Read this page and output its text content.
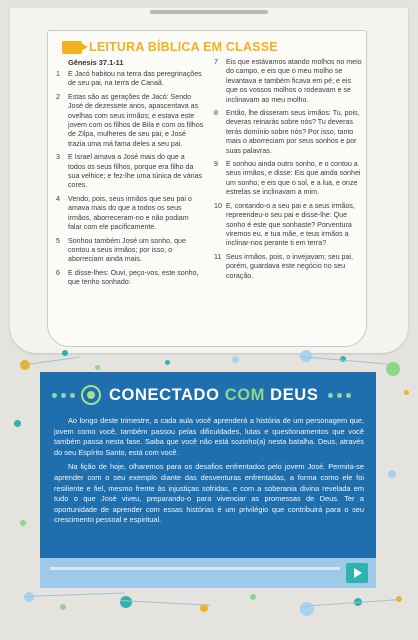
LEITURA BÍBLICA EM CLASSE
Gênesis 37.1-11
1	E Jacó habitou na terra das peregrinações de seu pai, na terra de Canaã.
2	Estas são as gerações de Jacó: Sendo José de dezessete anos, apascentava as ovelhas com seus irmãos; e estava este jovem com os filhos de Bila e com os filhos de Zilpa, mulheres de seu pai; e José trazia uma má fama deles a seu pai.
3	E Israel amava a José mais do que a todos os seus filhos, porque era filho da sua velhice; e fez-lhe uma túnica de várias cores.
4	Vendo, pois, seus irmãos que seu pai o amava mais do que a todos os seus irmãos, aborreceram-no e não podiam falar com ele pacificamente.
5	Sonhou também José um sonho, que contou a seus irmãos; por isso, o aborreciam ainda mais.
6	E disse-lhes: Ouvi, peço-vos, este sonho, que tenho sonhado:
7	Eis que estávamos atando molhos no meio do campo, e eis que o meu molho se levantava e também ficava em pé; e eis que os vossos molhos o rodeavam e se inclinavam ao meu molho.
8	Então, lhe disseram seus irmãos: Tu, pois, deveras reinarás sobre nós? Tu deveras terás domínio sobre nós? Por isso, tanto mais o aborreciam por seus sonhos e por suas palavras.
9	E sonhou ainda outro sonho, e o contou a seus irmãos, e disse: Eis que ainda sonhei um sonho; e eis que o sol, e a lua, e onze estrelas se inclinavam a mim.
10 E, contando-o a seu pai e a seus irmãos, repreendeu-o seu pai e disse-lhe: Que sonho é este que sonhaste? Porventura viremos eu, e tua mãe, e teus irmãos a inclinar-nos perante ti em terra?
11 Seus irmãos, pois, o invejavam; seu pai, porém, guardava este negócio no seu coração.
CONECTADO COM DEUS

Ao longo deste trimestre, a cada aula você aprenderá a história de um personagem que, jovem como você, também passou pelas dificuldades, lutas e questionamentos que você também passa nesta fase. Saiba que você não está sozinho(a) nesta batalha. Deus, através do seu Espírito Santo, está com você.

Na lição de hoje, olharemos para os desafios enfrentados pelo jovem José. Permita-se aprender com o seu exemplo diante das desventuras enfrentadas, a forma como ele foi resiliente e fiel, mesmo frente às injustiças sofridas, e com a soberania divina revelada em tudo o que José viveu, preparando-o para vivenciar as promessas de Deus. Ter a oportunidade de aprender com essas histórias é um privilégio que contribuirá para o seu crescimento pessoal e espiritual.
